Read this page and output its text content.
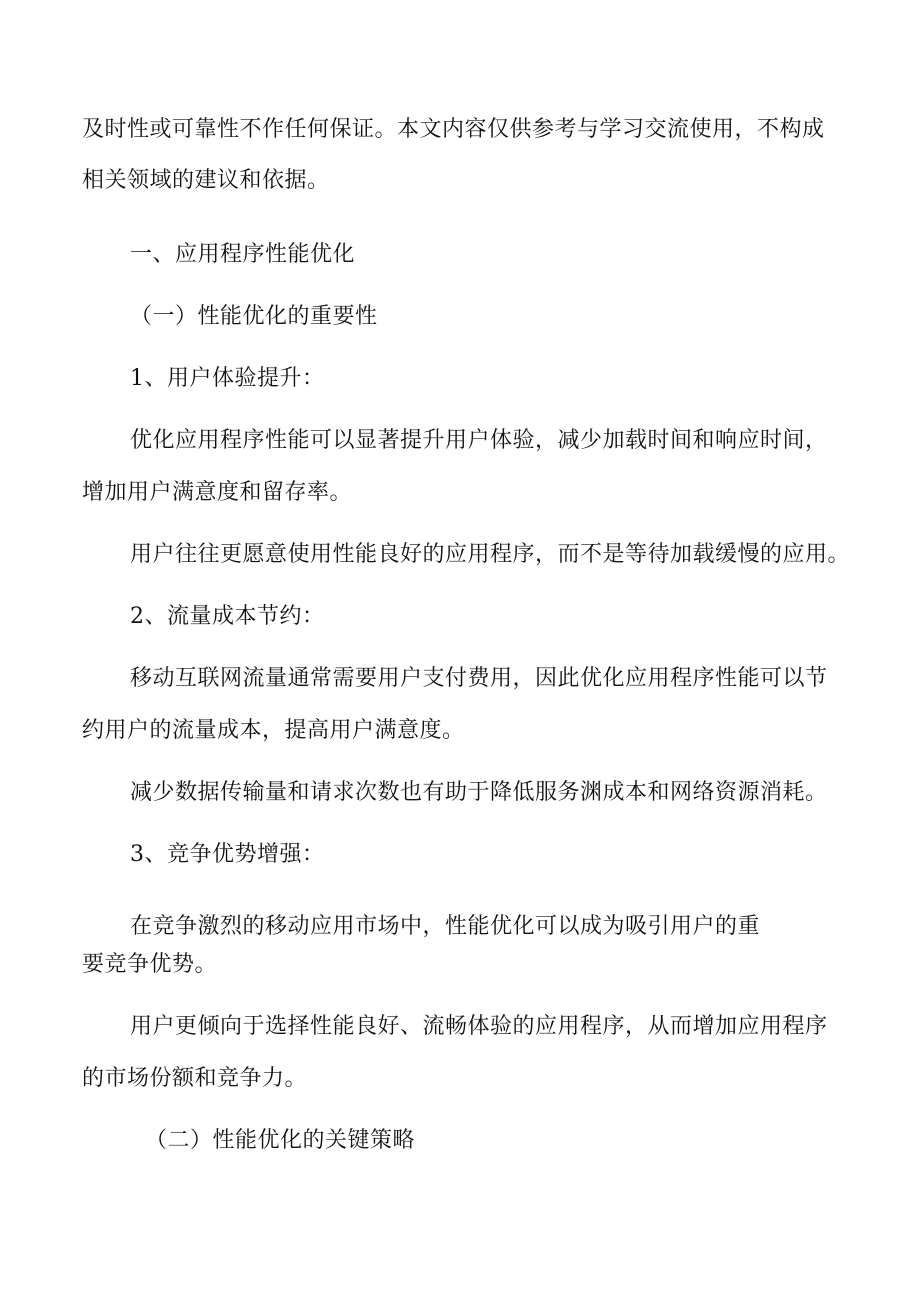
及时性或可靠性不作任何保证。本文内容仅供参考与学习交流使用，不构成
相关领域的建议和依据。
一、应用程序性能优化
（一）性能优化的重要性
1、用户体验提升：
优化应用程序性能可以显著提升用户体验，减少加载时间和响应时间，
增加用户满意度和留存率。
用户往往更愿意使用性能良好的应用程序，而不是等待加载缓慢的应用。
2、流量成本节约：
移动互联网流量通常需要用户支付费用，因此优化应用程序性能可以节
约用户的流量成本，提高用户满意度。
减少数据传输量和请求次数也有助于降低服务渊成本和网络资源消耗。
3、竞争优势增强：
在竞争激烈的移动应用市场中，性能优化可以成为吸引用户的重
要竞争优势。
用户更倾向于选择性能良好、流畅体验的应用程序，从而增加应用程序
的市场份额和竞争力。
（二）性能优化的关键策略
